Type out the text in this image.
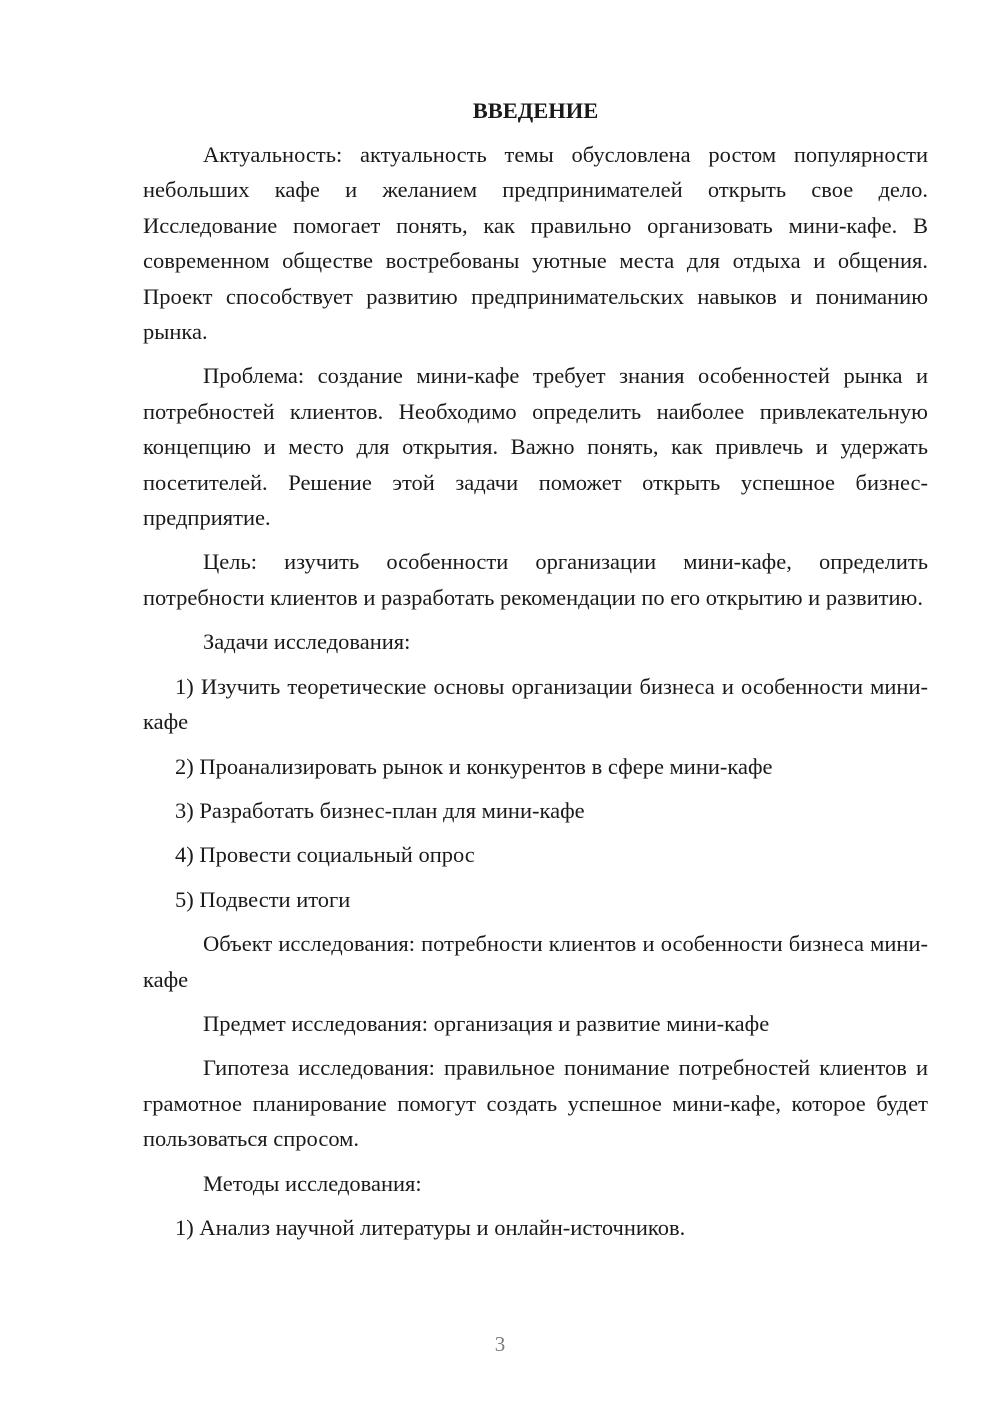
ВВЕДЕНИЕ

Актуальность: актуальность темы обусловлена ростом популярности небольших кафе и желанием предпринимателей открыть свое дело. Исследование помогает понять, как правильно организовать мини-кафе. В современном обществе востребованы уютные места для отдыха и общения. Проект способствует развитию предпринимательских навыков и пониманию рынка.

Проблема: создание мини-кафе требует знания особенностей рынка и потребностей клиентов. Необходимо определить наиболее привлекательную концепцию и место для открытия. Важно понять, как привлечь и удержать посетителей. Решение этой задачи поможет открыть успешное бизнес-предприятие.

Цель: изучить особенности организации мини-кафе, определить потребности клиентов и разработать рекомендации по его открытию и развитию.

Задачи исследования:

1) Изучить теоретические основы организации бизнеса и особенности мини-кафе

2) Проанализировать рынок и конкурентов в сфере мини-кафе

3) Разработать бизнес-план для мини-кафе

4) Провести социальный опрос

5) Подвести итоги

Объект исследования: потребности клиентов и особенности бизнеса мини-кафе

Предмет исследования: организация и развитие мини-кафе

Гипотеза исследования: правильное понимание потребностей клиентов и грамотное планирование помогут создать успешное мини-кафе, которое будет пользоваться спросом.

Методы исследования:

1) Анализ научной литературы и онлайн-источников.

3
